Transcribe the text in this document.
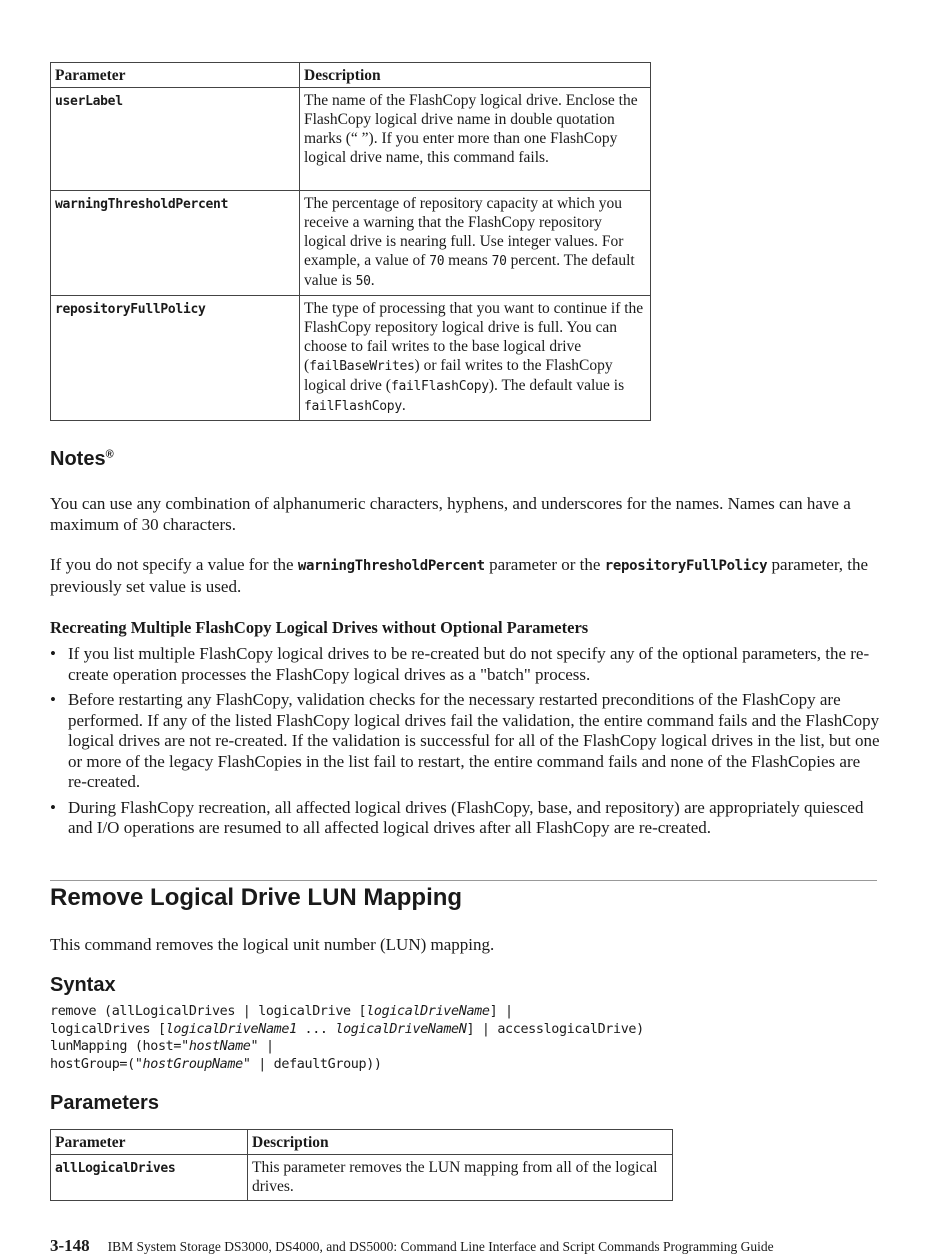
Parameter	Description
userLabel	The name of the FlashCopy logical drive. Enclose the FlashCopy logical drive name in double quotation marks (“ ”). If you enter more than one FlashCopy logical drive name, this command fails.
warningThresholdPercent	The percentage of repository capacity at which you receive a warning that the FlashCopy repository logical drive is nearing full. Use integer values. For example, a value of 70 means 70 percent. The default value is 50.
repositoryFullPolicy	The type of processing that you want to continue if the FlashCopy repository logical drive is full. You can choose to fail writes to the base logical drive (failBaseWrites) or fail writes to the FlashCopy logical drive (failFlashCopy). The default value is failFlashCopy.
Notes®
You can use any combination of alphanumeric characters, hyphens, and underscores for the names. Names can have a maximum of 30 characters.
If you do not specify a value for the warningThresholdPercent parameter or the repositoryFullPolicy parameter, the previously set value is used.
Recreating Multiple FlashCopy Logical Drives without Optional Parameters
• If you list multiple FlashCopy logical drives to be re-created but do not specify any of the optional parameters, the re-create operation processes the FlashCopy logical drives as a "batch" process.
• Before restarting any FlashCopy, validation checks for the necessary restarted preconditions of the FlashCopy are performed. If any of the listed FlashCopy logical drives fail the validation, the entire command fails and the FlashCopy logical drives are not re-created. If the validation is successful for all of the FlashCopy logical drives in the list, but one or more of the legacy FlashCopies in the list fail to restart, the entire command fails and none of the FlashCopies are re-created.
• During FlashCopy recreation, all affected logical drives (FlashCopy, base, and repository) are appropriately quiesced and I/O operations are resumed to all affected logical drives after all FlashCopy are re-created.
Remove Logical Drive LUN Mapping
This command removes the logical unit number (LUN) mapping.
Syntax
remove (allLogicalDrives | logicalDrive [logicalDriveName] |
logicalDrives [logicalDriveName1 ... logicalDriveNameN] | accesslogicalDrive)
lunMapping (host="hostName" |
hostGroup=("hostGroupName" | defaultGroup))
Parameters
Parameter	Description
allLogicalDrives	This parameter removes the LUN mapping from all of the logical drives.
3-148 IBM System Storage DS3000, DS4000, and DS5000: Command Line Interface and Script Commands Programming Guide
